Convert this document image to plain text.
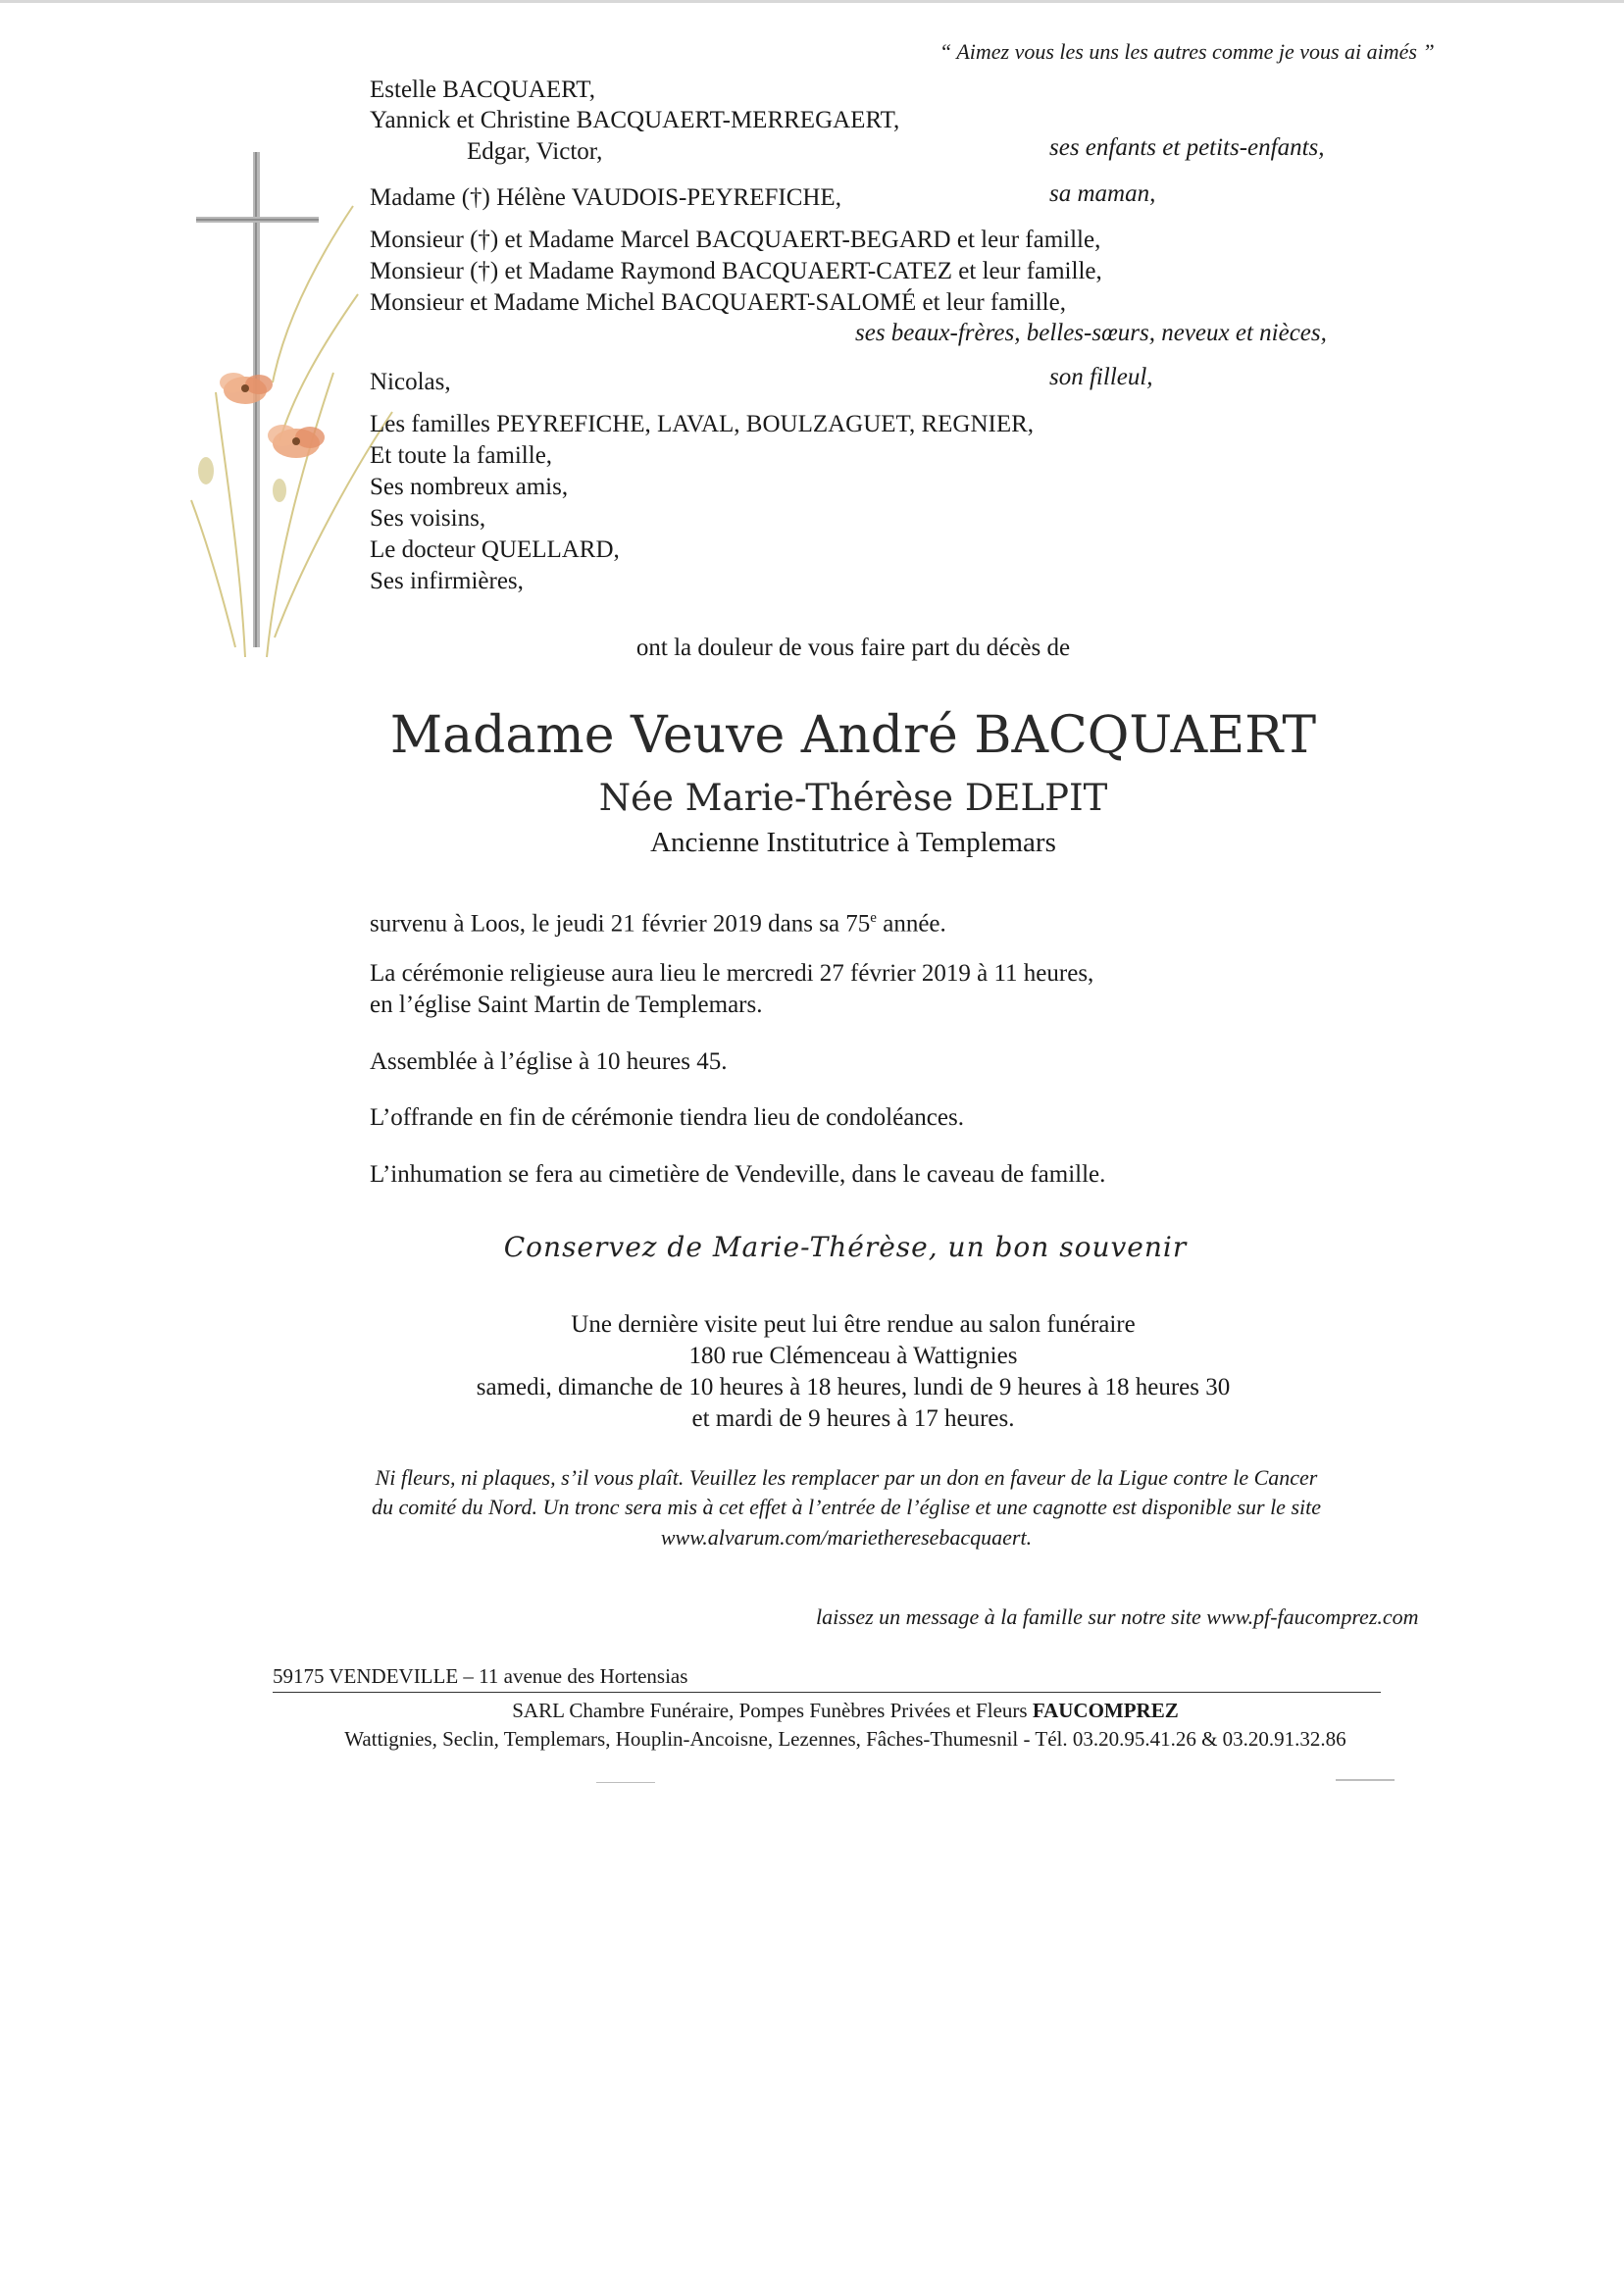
“ Aimez vous les uns les autres comme je vous ai aimés ”
Estelle BACQUAERT,
Yannick et Christine BACQUAERT-MERREGAERT,
Edgar, Victor,	ses enfants et petits-enfants,
Madame (†) Hélène VAUDOIS-PEYREFICHE,	sa maman,
Monsieur (†) et Madame Marcel BACQUAERT-BEGARD et leur famille,
Monsieur (†) et Madame Raymond BACQUAERT-CATEZ et leur famille,
Monsieur et Madame Michel BACQUAERT-SALOMÉ et leur famille,
ses beaux-frères, belles-sœurs, neveux et nièces,
Nicolas,	son filleul,
Les familles PEYREFICHE, LAVAL, BOULZAGUET, REGNIER,
Et toute la famille,
Ses nombreux amis,
Ses voisins,
Le docteur QUELLARD,
Ses infirmières,
ont la douleur de vous faire part du décès de
Madame Veuve André BACQUAERT
Née Marie-Thérèse DELPIT
Ancienne Institutrice à Templemars
survenu à Loos, le jeudi 21 février 2019 dans sa 75e année.
La cérémonie religieuse aura lieu le mercredi 27 février 2019 à 11 heures,
en l’église Saint Martin de Templemars.
Assemblée à l’église à 10 heures 45.
L’offrande en fin de cérémonie tiendra lieu de condoléances.
L’inhumation se fera au cimetière de Vendeville, dans le caveau de famille.
Conservez de Marie-Thérèse, un bon souvenir
Une dernière visite peut lui être rendue au salon funéraire
180 rue Clémenceau à Wattignies
samedi, dimanche de 10 heures à 18 heures, lundi de 9 heures à 18 heures 30
et mardi de 9 heures à 17 heures.
Ni fleurs, ni plaques, s’il vous plaît. Veuillez les remplacer par un don en faveur de la Ligue contre le Cancer
du comité du Nord. Un tronc sera mis à cet effet à l’entrée de l’église et une cagnotte est disponible sur le site
www.alvarum.com/marietheresebacquaert.
laissez un message à la famille sur notre site www.pf-faucomprez.com
59175 VENDEVILLE – 11 avenue des Hortensias
SARL Chambre Funéraire, Pompes Funèbres Privées et Fleurs FAUCOMPREZ
Wattignies, Seclin, Templemars, Houplin-Ancoisne, Lezennes, Fâches-Thumesnil - Tél. 03.20.95.41.26 & 03.20.91.32.86
